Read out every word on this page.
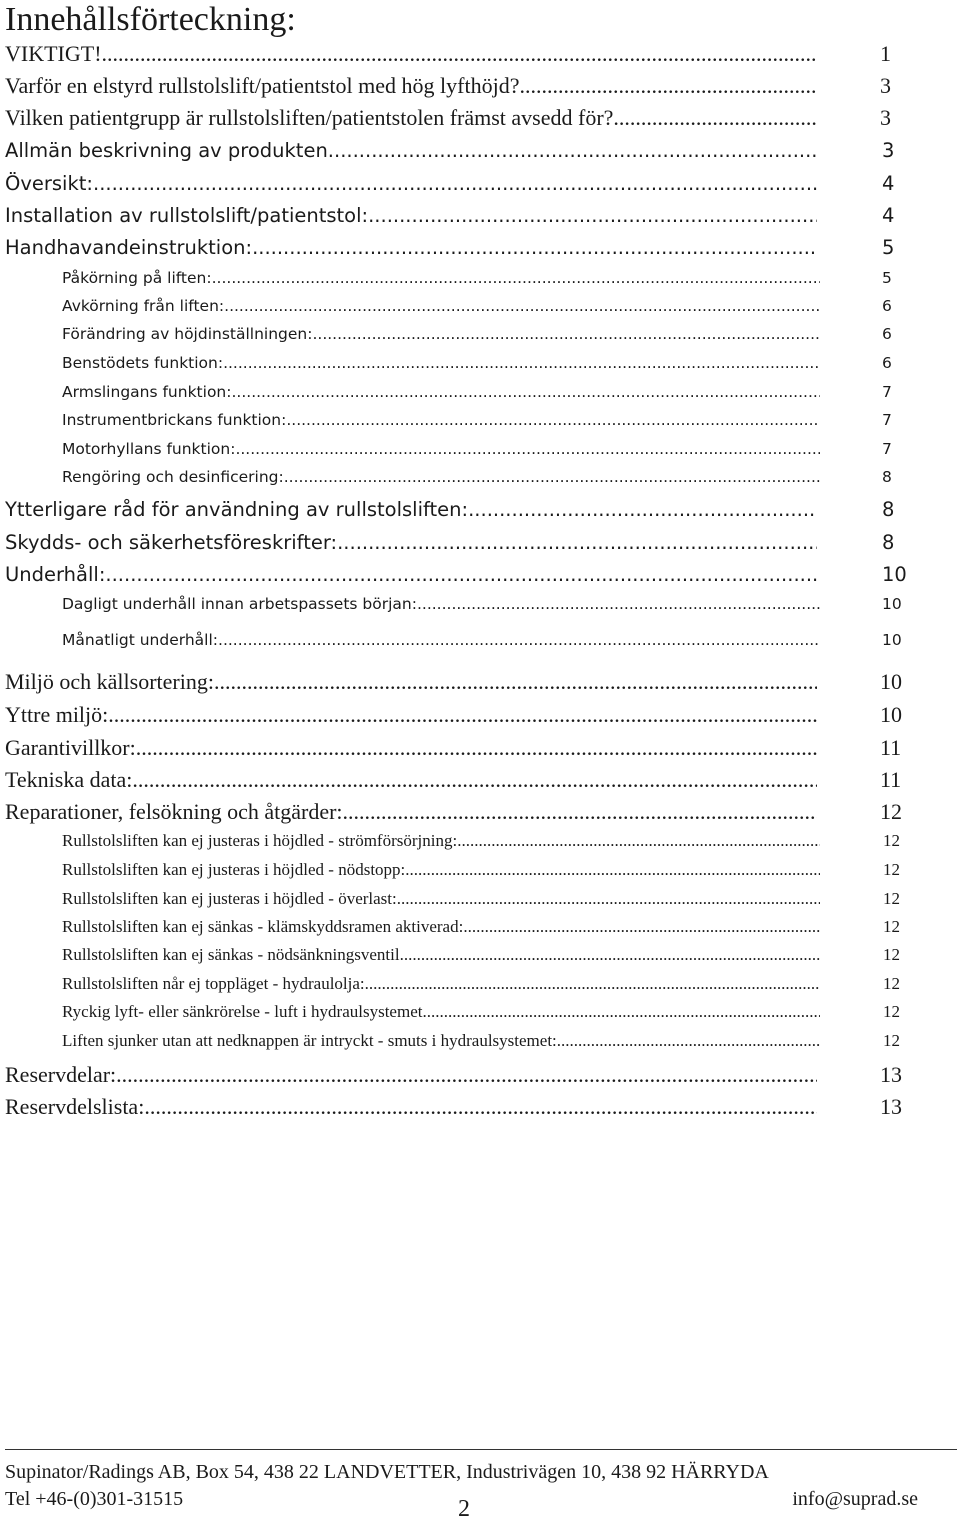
Innehållsförteckning:
VIKTIGT! .....	1
Varför en elstyrd rullstolslift/patientstol med hög lyfthöjd? .....	3
Vilken patientgrupp är rullstolsliften/patientstolen främst avsedd för? .....	3
Allmän beskrivning av produkten. .....	3
Översikt: .....	4
Installation av rullstolslift/patientstol: .....	4
Handhavandeinstruktion: .....	5
Påkörning på liften: .....	5
Avkörning från liften: .....	6
Förändring av höjdinställningen: .....	6
Benstödets funktion: .....	6
Armslingans funktion: .....	7
Instrumentbrickans funktion: .....	7
Motorhyllans funktion: .....	7
Rengöring och desinficering: .....	8
Ytterligare råd för användning av rullstolsliften: .....	8
Skydds- och säkerhetsföreskrifter: .....	8
Underhåll: .....	10
Dagligt underhåll innan arbetspassets början: .....	10
Månatligt underhåll: .....	10
Miljö och källsortering: .....	10
Yttre miljö: .....	10
Garantivillkor: .....	11
Tekniska data: .....	11
Reparationer, felsökning och åtgärder: .....	12
Rullstolsliften kan ej justeras i höjdled - strömförsörjning: .....	12
Rullstolsliften kan ej justeras i höjdled - nödstopp: .....	12
Rullstolsliften kan ej justeras i höjdled - överlast: .....	12
Rullstolsliften kan ej sänkas - klämskyddsramen aktiverad: .....	12
Rullstolsliften kan ej sänkas - nödsänkningsventil .....	12
Rullstolsliften når ej toppläget - hydraulolja: .....	12
Ryckig lyft- eller sänkrörelse - luft i hydraulsystemet .....	12
Liften sjunker utan att nedknappen är intryckt - smuts i hydraulsystemet: .....	12
Reservdelar: .....	13
Reservdelslista: .....	13
Supinator/Radings AB, Box 54, 438 22 LANDVETTER, Industrivägen 10, 438 92 HÄRRYDA
Tel +46-(0)301-31515	info@suprad.se
2
